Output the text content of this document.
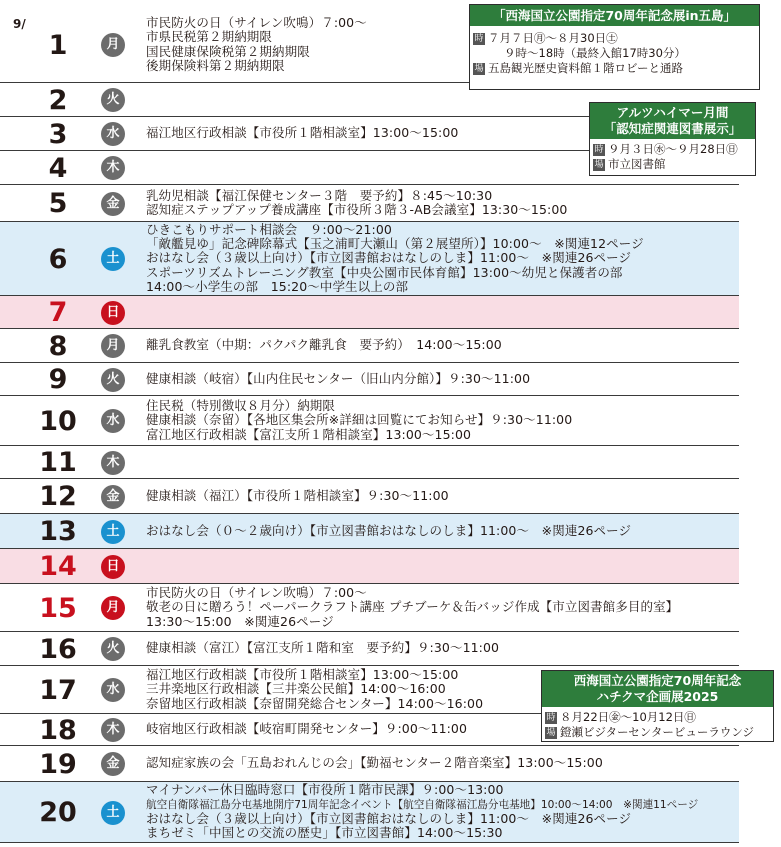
9/
1	月
市民防火の日（サイレン吹鳴）７:00～
市県民税第２期納期限
国民健康保険税第２期納期限
後期保険料第２期納期限
2	火
3	水	福江地区行政相談【市役所１階相談室】13:00～15:00
4	木
5	金
乳幼児相談【福江保健センター３階　要予約】８:45～10:30
認知症ステップアップ養成講座【市役所３階３-AB会議室】13:30～15:00
6	土
ひきこもりサポート相談会　９:00～21:00
「敵艦見ゆ」記念碑除幕式【玉之浦町大瀬山（第２展望所）】10:00～　※関連12ページ
おはなし会（３歳以上向け）【市立図書館おはなしのしま】11:00～　※関連26ページ
スポーツリズムトレーニング教室【中央公園市民体育館】13:00～幼児と保護者の部
14:00～小学生の部　15:20～中学生以上の部
7	日
8	月	離乳食教室（中期：パクパク離乳食　要予約）　14:00～15:00
9	火	健康相談（岐宿）【山内住民センター（旧山内分館）】９:30～11:00
10	水
住民税（特別徴収８月分）納期限
健康相談（奈留）【各地区集会所※詳細は回覧にてお知らせ】９:30～11:00
富江地区行政相談【富江支所１階相談室】13:00～15:00
11	木
12	金	健康相談（福江）【市役所１階相談室】９:30～11:00
13	土	おはなし会（０～２歳向け）【市立図書館おはなしのしま】11:00～　※関連26ページ
14	日
15	月
市民防火の日（サイレン吹鳴）７:00～
敬老の日に贈ろう！ペーパークラフト講座 プチブーケ＆缶バッジ作成【市立図書館多目的室】
13:30～15:00　※関連26ページ
16	火	健康相談（富江）【富江支所１階和室　要予約】９:30～11:00
17	水
福江地区行政相談【市役所１階相談室】13:00～15:00
三井楽地区行政相談【三井楽公民館】14:00～16:00
奈留地区行政相談【奈留開発総合センター】14:00～16:00
18	木	岐宿地区行政相談【岐宿町開発センター】９:00～11:00
19	金	認知症家族の会「五島おれんじの会」【勤福センター２階音楽室】13:00～15:00
20	土
マイナンバー休日臨時窓口【市役所１階市民課】９:00～13:00
航空自衛隊福江島分屯基地開庁71周年記念イベント【航空自衛隊福江島分屯基地】10:00～14:00　※関連11ページ
おはなし会（３歳以上向け）【市立図書館おはなしのしま】11:00～　※関連26ページ
まちゼミ「中国との交流の歴史」【市立図書館】14:00～15:30
「西海国立公園指定70周年記念展in五島」
時 ７月７日㊊～８月30日㊏
９時～18時（最終入館17時30分）
場 五島観光歴史資料館１階ロビーと通路
アルツハイマー月間
「認知症関連図書展示」
時 ９月３日㊌～９月28日㊐
場 市立図書館
西海国立公園指定70周年記念
ハチクマ企画展2025
時 ８月22日㊎～10月12日㊐
場 鐙瀬ビジターセンタービューラウンジ
